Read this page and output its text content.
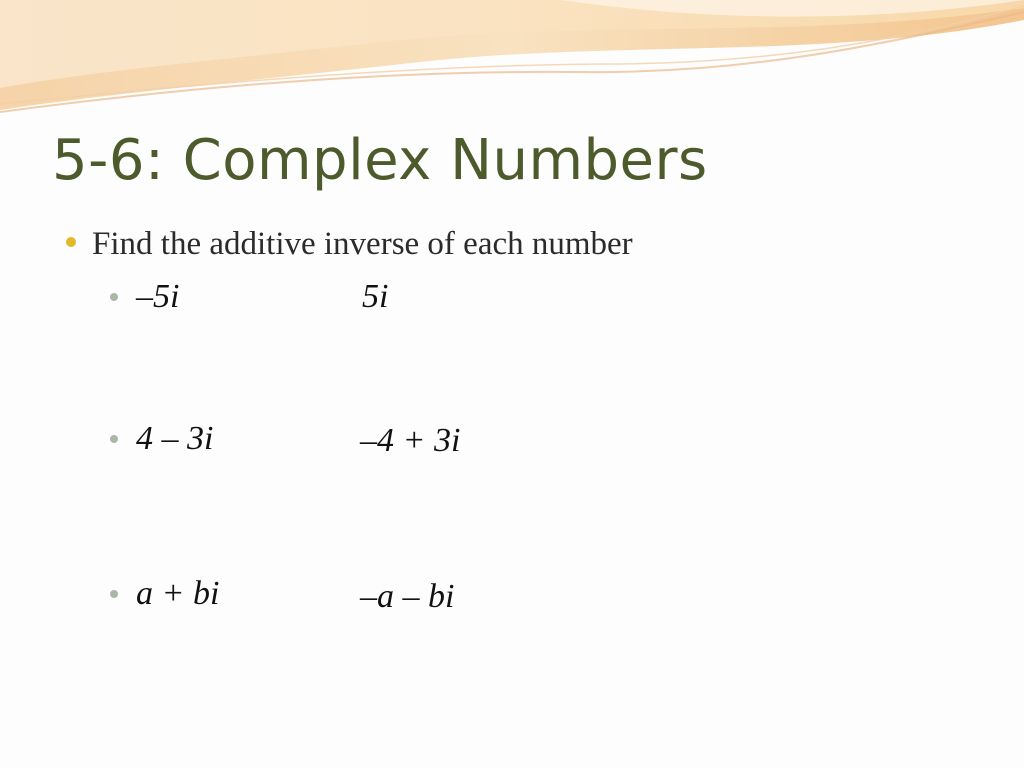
5-6: Complex Numbers
Find the additive inverse of each number
–5i	5i
4 – 3i	–4 + 3i
a + bi	–a – bi
